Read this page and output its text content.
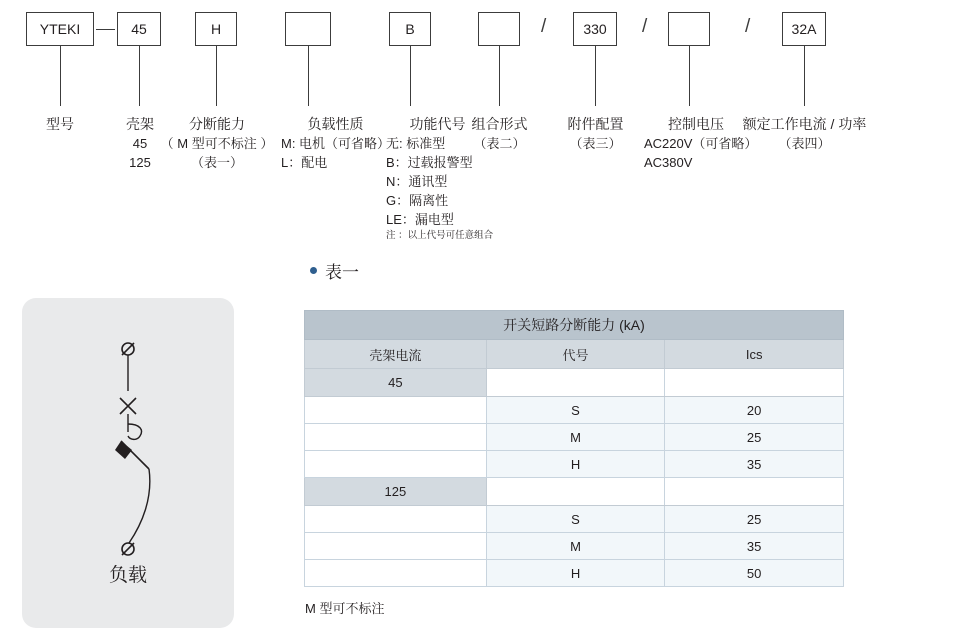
YTEKI	45	H	B	330	32A
/	/	/
型号	壳架
45
125
分断能力
（ M 型可不标注 ）
（表一）
负载性质
M: 电机（可省略）
L：配电
功能代号
无: 标准型
B：过载报警型
N：通讯型
G：隔离性
LE：漏电型
注 ：以上代号可任意组合
组合形式
（表二）
附件配置
（表三）
控制电压
AC220V（可省略）
AC380V
额定工作电流 / 功率
（表四）
表一
负载
开关短路分断能力 (kA)		
壳架电流	代号	Ics
45		
	S	20
	M	25
	H	35
125		
	S	25
	M	35
	H	50
M 型可不标注
